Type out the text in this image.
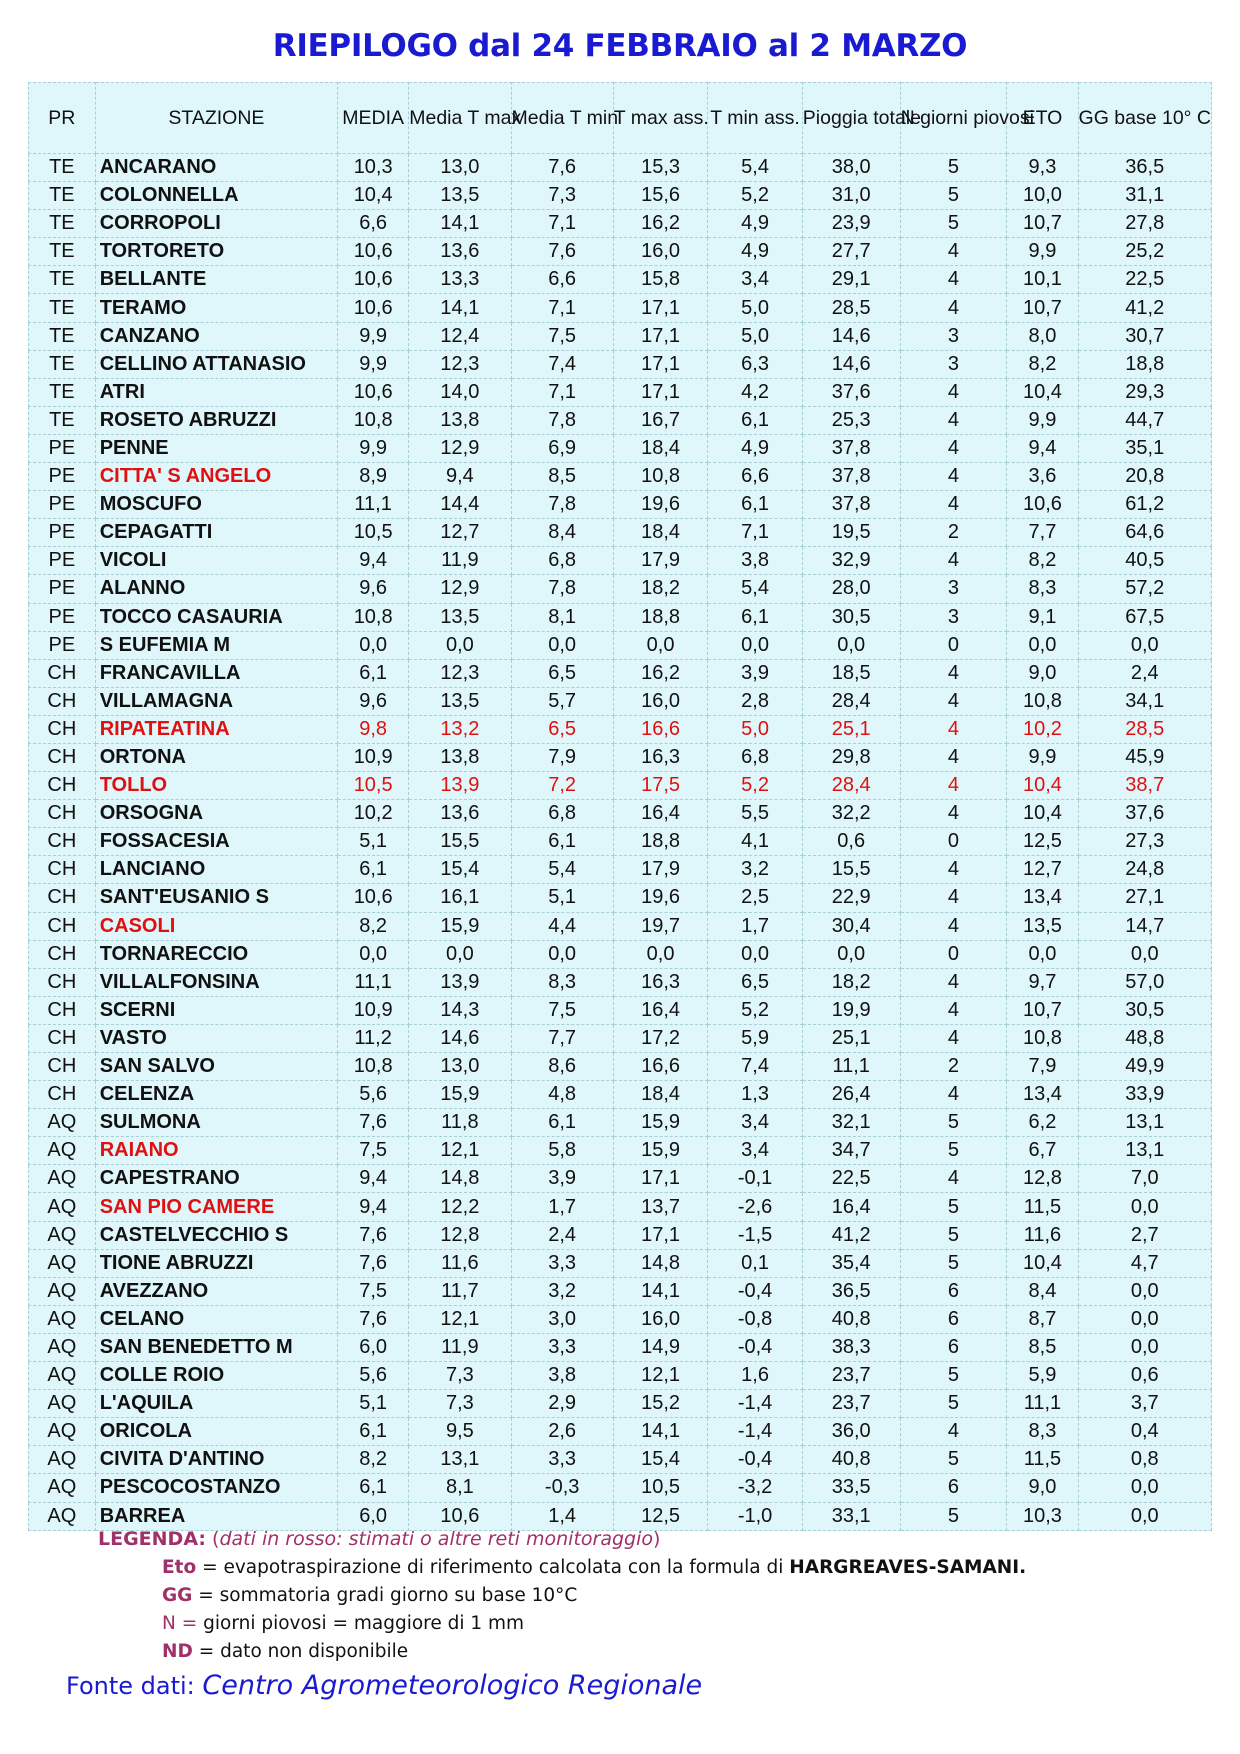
RIEPILOGO dal 24 FEBBRAIO al 2 MARZO
PR	STAZIONE	MEDIA	Media T max	Media T min	T max ass.	T min ass.	Pioggia totale	N giorni piovosi	ETO	GG base 10° C
TE	ANCARANO	10,3	13,0	7,6	15,3	5,4	38,0	5	9,3	36,5
TE	COLONNELLA	10,4	13,5	7,3	15,6	5,2	31,0	5	10,0	31,1
TE	CORROPOLI	6,6	14,1	7,1	16,2	4,9	23,9	5	10,7	27,8
TE	TORTORETO	10,6	13,6	7,6	16,0	4,9	27,7	4	9,9	25,2
TE	BELLANTE	10,6	13,3	6,6	15,8	3,4	29,1	4	10,1	22,5
TE	TERAMO	10,6	14,1	7,1	17,1	5,0	28,5	4	10,7	41,2
TE	CANZANO	9,9	12,4	7,5	17,1	5,0	14,6	3	8,0	30,7
TE	CELLINO ATTANASIO	9,9	12,3	7,4	17,1	6,3	14,6	3	8,2	18,8
TE	ATRI	10,6	14,0	7,1	17,1	4,2	37,6	4	10,4	29,3
TE	ROSETO ABRUZZI	10,8	13,8	7,8	16,7	6,1	25,3	4	9,9	44,7
PE	PENNE	9,9	12,9	6,9	18,4	4,9	37,8	4	9,4	35,1
PE	CITTA' S ANGELO	8,9	9,4	8,5	10,8	6,6	37,8	4	3,6	20,8
PE	MOSCUFO	11,1	14,4	7,8	19,6	6,1	37,8	4	10,6	61,2
PE	CEPAGATTI	10,5	12,7	8,4	18,4	7,1	19,5	2	7,7	64,6
PE	VICOLI	9,4	11,9	6,8	17,9	3,8	32,9	4	8,2	40,5
PE	ALANNO	9,6	12,9	7,8	18,2	5,4	28,0	3	8,3	57,2
PE	TOCCO CASAURIA	10,8	13,5	8,1	18,8	6,1	30,5	3	9,1	67,5
PE	S EUFEMIA M	0,0	0,0	0,0	0,0	0,0	0,0	0	0,0	0,0
CH	FRANCAVILLA	6,1	12,3	6,5	16,2	3,9	18,5	4	9,0	2,4
CH	VILLAMAGNA	9,6	13,5	5,7	16,0	2,8	28,4	4	10,8	34,1
CH	RIPATEATINA	9,8	13,2	6,5	16,6	5,0	25,1	4	10,2	28,5
CH	ORTONA	10,9	13,8	7,9	16,3	6,8	29,8	4	9,9	45,9
CH	TOLLO	10,5	13,9	7,2	17,5	5,2	28,4	4	10,4	38,7
CH	ORSOGNA	10,2	13,6	6,8	16,4	5,5	32,2	4	10,4	37,6
CH	FOSSACESIA	5,1	15,5	6,1	18,8	4,1	0,6	0	12,5	27,3
CH	LANCIANO	6,1	15,4	5,4	17,9	3,2	15,5	4	12,7	24,8
CH	SANT'EUSANIO S	10,6	16,1	5,1	19,6	2,5	22,9	4	13,4	27,1
CH	CASOLI	8,2	15,9	4,4	19,7	1,7	30,4	4	13,5	14,7
CH	TORNARECCIO	0,0	0,0	0,0	0,0	0,0	0,0	0	0,0	0,0
CH	VILLALFONSINA	11,1	13,9	8,3	16,3	6,5	18,2	4	9,7	57,0
CH	SCERNI	10,9	14,3	7,5	16,4	5,2	19,9	4	10,7	30,5
CH	VASTO	11,2	14,6	7,7	17,2	5,9	25,1	4	10,8	48,8
CH	SAN SALVO	10,8	13,0	8,6	16,6	7,4	11,1	2	7,9	49,9
CH	CELENZA	5,6	15,9	4,8	18,4	1,3	26,4	4	13,4	33,9
AQ	SULMONA	7,6	11,8	6,1	15,9	3,4	32,1	5	6,2	13,1
AQ	RAIANO	7,5	12,1	5,8	15,9	3,4	34,7	5	6,7	13,1
AQ	CAPESTRANO	9,4	14,8	3,9	17,1	-0,1	22,5	4	12,8	7,0
AQ	SAN PIO CAMERE	9,4	12,2	1,7	13,7	-2,6	16,4	5	11,5	0,0
AQ	CASTELVECCHIO S	7,6	12,8	2,4	17,1	-1,5	41,2	5	11,6	2,7
AQ	TIONE ABRUZZI	7,6	11,6	3,3	14,8	0,1	35,4	5	10,4	4,7
AQ	AVEZZANO	7,5	11,7	3,2	14,1	-0,4	36,5	6	8,4	0,0
AQ	CELANO	7,6	12,1	3,0	16,0	-0,8	40,8	6	8,7	0,0
AQ	SAN BENEDETTO M	6,0	11,9	3,3	14,9	-0,4	38,3	6	8,5	0,0
AQ	COLLE ROIO	5,6	7,3	3,8	12,1	1,6	23,7	5	5,9	0,6
AQ	L'AQUILA	5,1	7,3	2,9	15,2	-1,4	23,7	5	11,1	3,7
AQ	ORICOLA	6,1	9,5	2,6	14,1	-1,4	36,0	4	8,3	0,4
AQ	CIVITA D'ANTINO	8,2	13,1	3,3	15,4	-0,4	40,8	5	11,5	0,8
AQ	PESCOCOSTANZO	6,1	8,1	-0,3	10,5	-3,2	33,5	6	9,0	0,0
AQ	BARREA	6,0	10,6	1,4	12,5	-1,0	33,1	5	10,3	0,0
LEGENDA: (dati in rosso: stimati o altre reti monitoraggio)
Eto = evapotraspirazione di riferimento calcolata con la formula di HARGREAVES-SAMANI.
GG = sommatoria gradi giorno su base 10°C
N = giorni piovosi = maggiore di 1 mm
ND = dato non disponibile
Fonte dati: Centro Agrometeorologico Regionale
